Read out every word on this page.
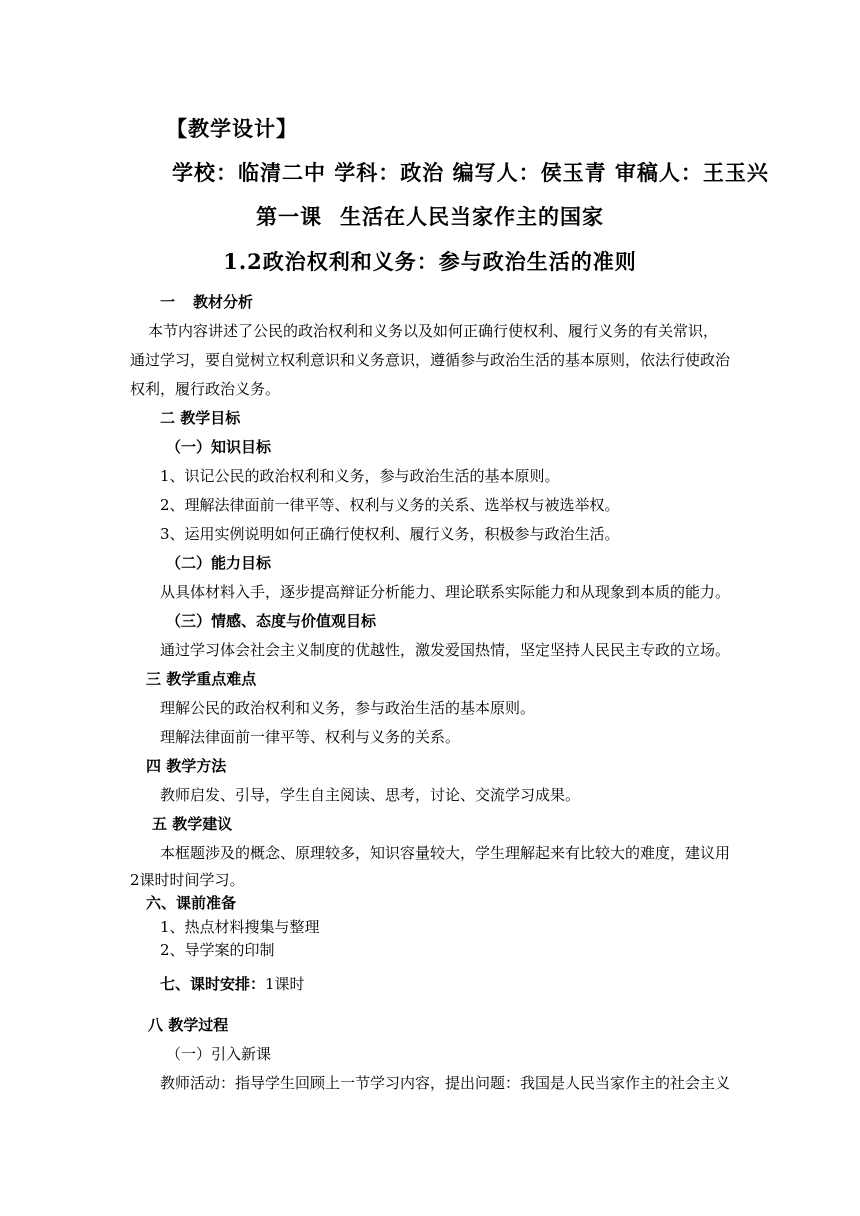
【教学设计】
学校：临清二中 学科：政治 编写人：侯玉青 审稿人：王玉兴
第一课 生活在人民当家作主的国家
1.2政治权利和义务：参与政治生活的准则
一 教材分析
本节内容讲述了公民的政治权利和义务以及如何正确行使权利、履行义务的有关常识，
通过学习，要自觉树立权利意识和义务意识，遵循参与政治生活的基本原则，依法行使政治
权利，履行政治义务。
二 教学目标
（一）知识目标
1、识记公民的政治权利和义务，参与政治生活的基本原则。
2、理解法律面前一律平等、权利与义务的关系、选举权与被选举权。
3、运用实例说明如何正确行使权利、履行义务，积极参与政治生活。
（二）能力目标
从具体材料入手，逐步提高辩证分析能力、理论联系实际能力和从现象到本质的能力。
（三）情感、态度与价值观目标
通过学习体会社会主义制度的优越性，激发爱国热情，坚定坚持人民民主专政的立场。
三 教学重点难点
理解公民的政治权利和义务，参与政治生活的基本原则。
理解法律面前一律平等、权利与义务的关系。
四 教学方法
教师启发、引导，学生自主阅读、思考，讨论、交流学习成果。
五 教学建议
本框题涉及的概念、原理较多，知识容量较大，学生理解起来有比较大的难度，建议用
2课时时间学习。
六、课前准备
1、热点材料搜集与整理
2、导学案的印制
七、课时安排：1课时
八 教学过程
（一）引入新课
教师活动：指导学生回顾上一节学习内容，提出问题：我国是人民当家作主的社会主义
